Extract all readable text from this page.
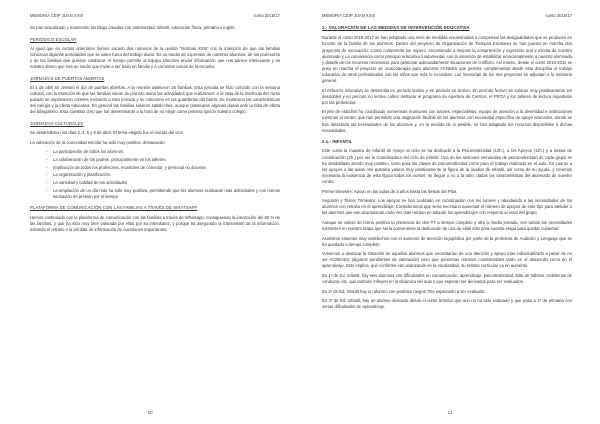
MEMORIA CEIP JUAN XXIII	curso 2016/17

Se han actualizado y mantenido los blogs creados con anterioridad: infantil, educación física, primaria e inglés.

PERIÓDICO ESCOLAR

Al igual que en cursos anteriores hemos sacado dos números de la revista "Noticias XXIII" con la intención de que las familias conozcan algunas actividades que se salen fuera del trabajo diario. Es un medio de expresión de nuestros alumnos, de los profesores y de las familias que quieran colaborar. Al tiempo permite al Equipo Directivo enviar información que nos parece interesante y es nuestro deseo que sea un medio que invite a ser leído en familia y a comentar temas de la escuela.

JORNADAS DE PUERTAS ABIERTAS

El 4 de abril se celebró el día de puertas abiertas. A la reunión asistieron 26 familias. Esta jornada se hizo coincidir con la semana cultural, con la intención de que las familias vieran de primera mano las actividades que realizamos. A la vista de la matrícula del curso pasado se imprimieron carteles invitando a esta jornada y se colocaron en las guarderías del barrio. Se mostraron las características del colegio y la oferta educativa. En general las familias salieron satisfechas, aunque plantearon algunas dudas ante la falta de oferta del bilingüismo. Esta cuestión creo que fue determinante a la hora de no elegir como primera opción nuestro colegio.

JORNADAS CULTURALES

Se desarrollaron los días 3, 4, 5 y 6 de abril. El tema elegido fue el mundo del cine.

La valoración de la comunidad escolar ha sido muy positiva, destacando:

- La participación de todos los alumnos.
- La colaboración de los padres, principalmente en los talleres.
- Implicación de todos los profesores, monitores de comedor, y personal no docente.
- La organización y planificación.
- La variedad y calidad de las actividades.
- La ampliación de un día más ha sido muy positiva, permitiendo que los alumnos realizaran más actividades y con menos sensación de presión por el tiempo.
PLATAFORMA DE COMUNICACIÓN CON LAS FAMILIAS A TRAVÉS DE WHATSAPP

Hemos continuado con la plataforma de comunicación con las familias a través de Whatsapp, consiguiendo la inscripción del 80 % de las familias, y que ha sido muy bien valorada por ellas por su inmediatez, y porque ha asegurado la transmisión de la información, evitando el retraso o la pérdida de información de cuestiones importantes.

10
MEMORIA CEIP JUAN XXIII	curso 2016/17
2.- VALORACIÓN DE LAS MEDIDAS DE INTERVENCIÓN EDUCATIVA

Durante el curso 2016-2017 se han adoptado una serie de medidas encaminadas a compensar las desigualdades que se producen en función de la familia de los alumnos. Dentro del proyecto de Organización de Tiempos Escolares se han puesto en marcha dos proyectos de innovación: Como comprendo me supero, encaminado a mejorar la comprensión y expresión oral y escrita de nuestro alumnado y La convivencia como principio educativo fundamental, con la intención de estabilizar emocionalmente a nuestro alumnado y dotarle de los recursos necesarios para gestionar adecuadamente situaciones de conflicto. Así mismo, desde el curso 2010-2011 se puso en marcha el proyecto de musicoterapia para alumnos ACNEES que permite complementar desde esta disciplina el trabajo educativo de otros profesionales con los niños que más lo necesitan. Las memorias de los tres proyectos se adjuntan a la memoria general.

El esfuerzo educativo se desarrolla en período lectivo y en período no lectivo. En período lectivo se valoran muy positivamente los desdobles y en período no lectivo caben destacar el programa de Apertura de Centros, el PROA y los talleres de lectura impartidos por las profesoras.

El jefe de estudios ha coordinado numerosas reuniones con tutores, especialistas, equipo de atención a la diversidad e instituciones externas al centro, que han permitido una asignación flexible de los alumnos con necesidad específica de apoyo educativo, donde se han detectado las necesidades de los alumnos y, en la medida de lo posible, se han adaptado los recursos disponibles a dichas necesidades.

2.1.- INFANTIL

Este curso la maestra de Infantil de Apoyo al ciclo se ha dedicado a la Psicomotricidad (12h.), a los Apoyos (11h.) y a tareas de coordinación (2h.) por ser la Coordinadora del ciclo de Infantil. Una de las sesiones semanales de psicomotricidad de cada grupo se ha desdoblado siendo muy positivo, tanto para las clases de psicomotricidad como para el trabajo realizado en el aula. En cuanto a los apoyos a las aulas nos gustaría valorar muy positivamente la figura de la auxiliar de Infantil, así como de su ayuda, y creemos necesaria la existencia de esta figura todos los cursos, se llegue o no a la ratio, dadas las características del alumnado de nuestro centro.

Primer trimestre: Apoyo en las aulas de 3 años hasta las fiestas del Pilar.

Segundo y Tercer Trimestre: Los apoyos se han realizado en coordinación con los tutores y atendiendo a las necesidades de los alumnos con retraso en el aprendizaje. Consideramos que sería necesario aumentar el número de apoyos de este tipo para atender a los alumnos que van acumulando cada vez más retraso en adquirir los aprendizajes con respecto al resto del grupo.

Aunque se valora de forma positiva la presencia de dos PT a tiempo completo y otra a media jornada, son tantas las necesidades existentes en nuestra etapa que sería conveniente la dedicación de una de ellas sólo para nuestra etapa para quedar cubiertas.

Asimismo estamos muy satisfechos con el aumento de atención logopédica por parte de la profesora de Audición y Lenguaje que se ha quedado a tiempo completo.

Volvemos a destacar la situación de aquellos alumnos que necesitarían de una atención y apoyo más individualizado a pesar de no ser ACNEAES (algunos pendientes de valoración) pero que presentan retrasos considerables tanto en el desarrollo como en el aprendizaje. Esto implica, que conforme van avanzando en la escolaridad, su retraso curricular va en aumento.

En 1º de Ed. Infantil, hay seis alumnos con dificultades en comunicación, aprendizaje, psicomotricidad, falta de hábitos, problemas de conducta, etc. que también influyen en la dinámica del aula y que esperan ser derivados para ser evaluados.

En 2º de Ed. Infantil hay un alumno con posibles rasgos TEA esperando a ser evaluado.

En 3º de Ed. Infantil, hay un alumno derivado desde el curso anterior que aún no ha sido evaluado y que pasa a 1º de primaria con serias dificultades de aprendizaje.

11
